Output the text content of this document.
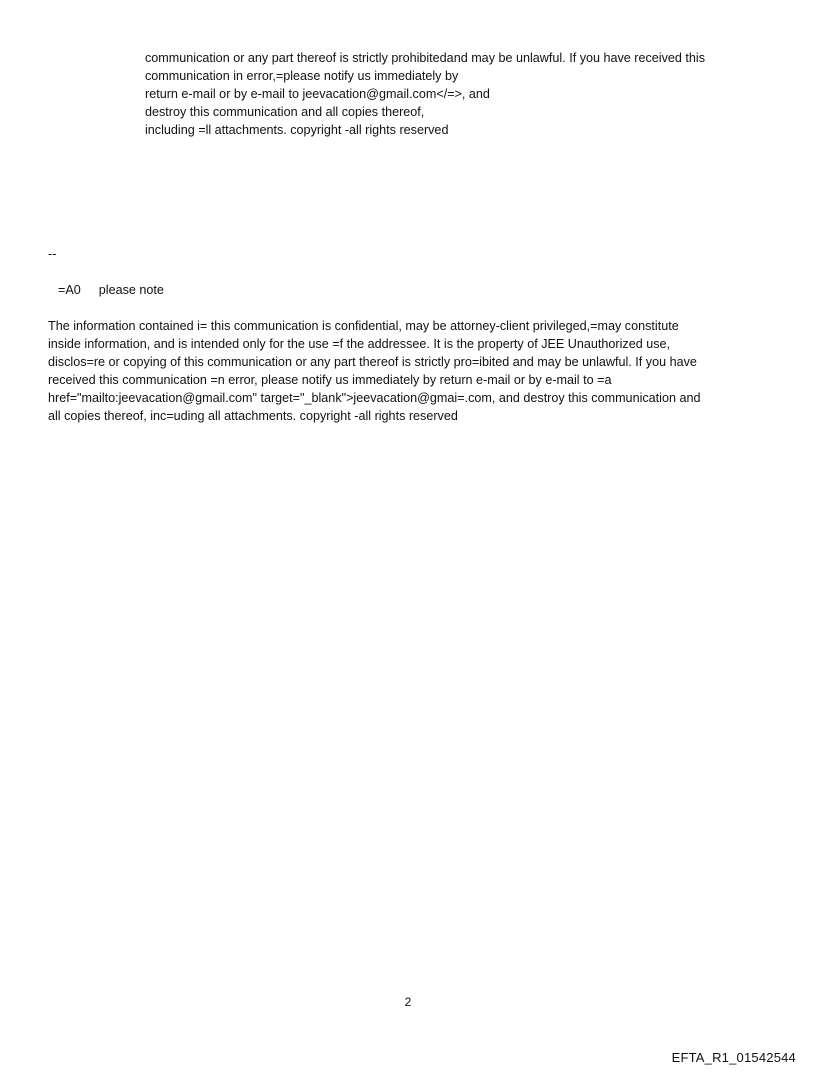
communication or any part thereof is strictly prohibitedand may be unlawful. If you have received this
communication in error,=please notify us immediately by
return e-mail or by e-mail to jeevacation@gmail.com</=>, and
destroy this communication and all copies thereof,
including =ll attachments. copyright -all rights reserved
--
=A0 please note
The information contained i= this communication is confidential, may be attorney-client privileged,=may constitute
inside information, and is intended only for the use =f the addressee. It is the property of JEE Unauthorized use,
disclos=re or copying of this communication or any part thereof is strictly pro=ibited and may be unlawful. If you have
received this communication =n error, please notify us immediately by return e-mail or by e-mail to =a
href="mailto:jeevacation@gmail.com" target="_blank">jeevacation@gmai=.com, and destroy this communication and
all copies thereof, inc=uding all attachments. copyright -all rights reserved
2
EFTA_R1_01542544
